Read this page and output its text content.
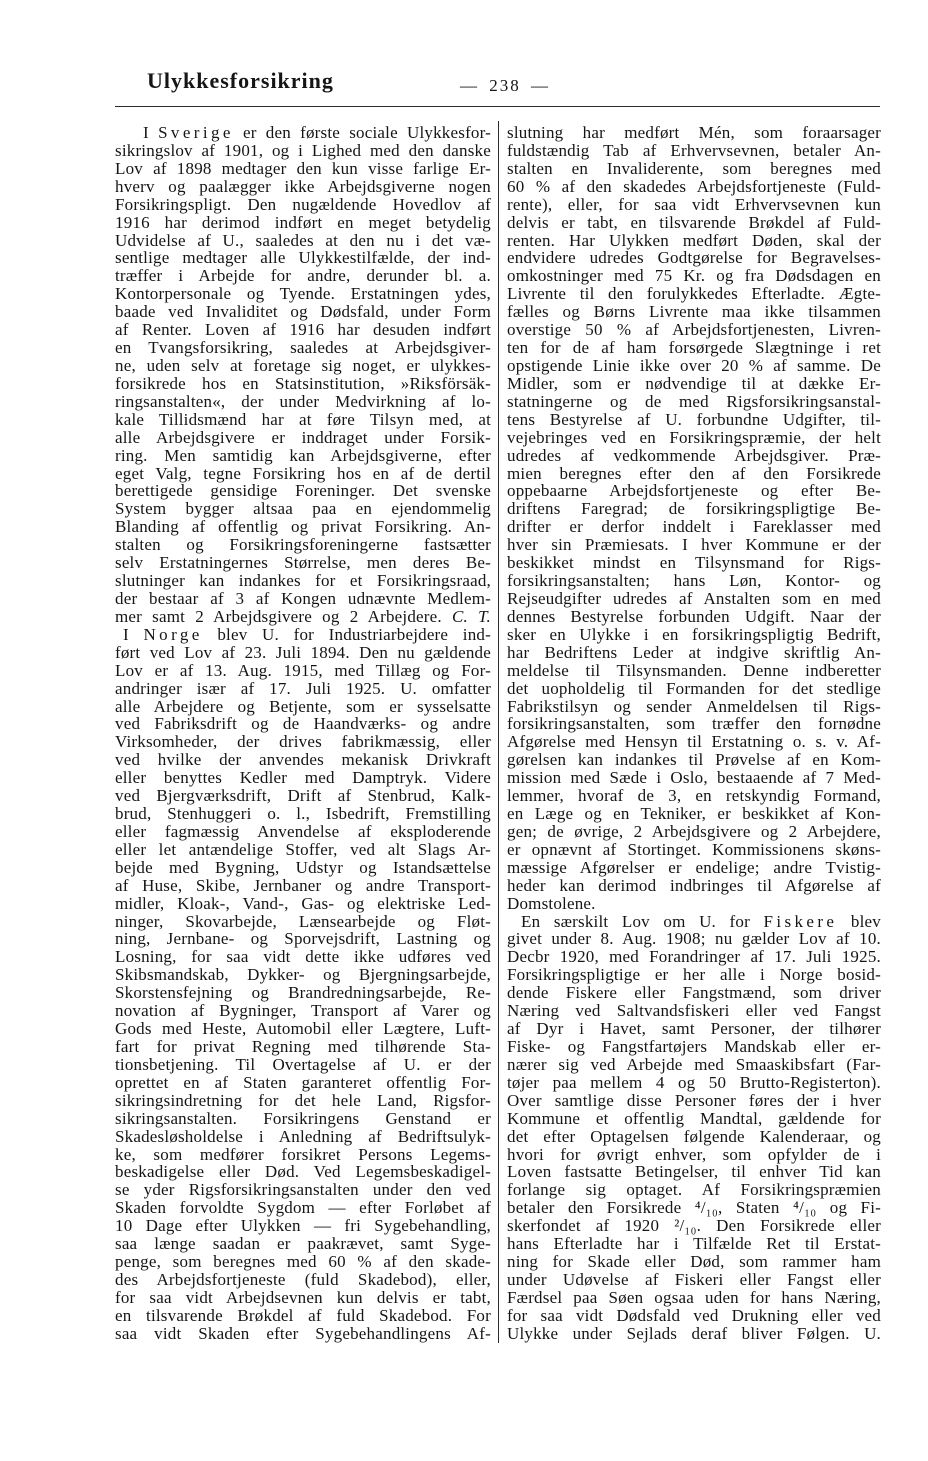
Ulykkesforsikring	— 238 —
I Sverige er den første sociale Ulykkesfor-
sikringslov af 1901, og i Lighed med den danske
Lov af 1898 medtager den kun visse farlige Er-
hverv og paalægger ikke Arbejdsgiverne nogen
Forsikringspligt. Den nugældende Hovedlov af
1916 har derimod indført en meget betydelig
Udvidelse af U., saaledes at den nu i det væ-
sentlige medtager alle Ulykkestilfælde, der ind-
træffer i Arbejde for andre, derunder bl. a.
Kontorpersonale og Tyende. Erstatningen ydes,
baade ved Invaliditet og Dødsfald, under Form
af Renter. Loven af 1916 har desuden indført
en Tvangsforsikring, saaledes at Arbejdsgiver-
ne, uden selv at foretage sig noget, er ulykkes-
forsikrede hos en Statsinstitution, »Riksförsäk-
ringsanstalten«, der under Medvirkning af lo-
kale Tillidsmænd har at føre Tilsyn med, at
alle Arbejdsgivere er inddraget under Forsik-
ring. Men samtidig kan Arbejdsgiverne, efter
eget Valg, tegne Forsikring hos en af de dertil
berettigede gensidige Foreninger. Det svenske
System bygger altsaa paa en ejendommelig
Blanding af offentlig og privat Forsikring. An-
stalten og Forsikringsforeningerne fastsætter
selv Erstatningernes Størrelse, men deres Be-
slutninger kan indankes for et Forsikringsraad,
der bestaar af 3 af Kongen udnævnte Medlem-
mer samt 2 Arbejdsgivere og 2 Arbejdere. C. T.
I Norge blev U. for Industriarbejdere ind-
ført ved Lov af 23. Juli 1894. Den nu gældende
Lov er af 13. Aug. 1915, med Tillæg og For-
andringer især af 17. Juli 1925. U. omfatter
alle Arbejdere og Betjente, som er sysselsatte
ved Fabriksdrift og de Haandværks- og andre
Virksomheder, der drives fabrikmæssig, eller
ved hvilke der anvendes mekanisk Drivkraft
eller benyttes Kedler med Damptryk. Videre
ved Bjergværksdrift, Drift af Stenbrud, Kalk-
brud, Stenhuggeri o. l., Isbedrift, Fremstilling
eller fagmæssig Anvendelse af eksploderende
eller let antændelige Stoffer, ved alt Slags Ar-
bejde med Bygning, Udstyr og Istandsættelse
af Huse, Skibe, Jernbaner og andre Transport-
midler, Kloak-, Vand-, Gas- og elektriske Led-
ninger, Skovarbejde, Lænsearbejde og Fløt-
ning, Jernbane- og Sporvejsdrift, Lastning og
Losning, for saa vidt dette ikke udføres ved
Skibsmandskab, Dykker- og Bjergningsarbejde,
Skorstensfejning og Brandredningsarbejde, Re-
novation af Bygninger, Transport af Varer og
Gods med Heste, Automobil eller Lægtere, Luft-
fart for privat Regning med tilhørende Sta-
tionsbetjening. Til Overtagelse af U. er der
oprettet en af Staten garanteret offentlig For-
sikringsindretning for det hele Land, Rigsfor-
sikringsanstalten. Forsikringens Genstand er
Skadesløsholdelse i Anledning af Bedriftsulyk-
ke, som medfører forsikret Persons Legems-
beskadigelse eller Død. Ved Legemsbeskadigel-
se yder Rigsforsikringsanstalten under den ved
Skaden forvoldte Sygdom — efter Forløbet af
10 Dage efter Ulykken — fri Sygebehandling,
saa længe saadan er paakrævet, samt Syge-
penge, som beregnes med 60 % af den skade-
des Arbejdsfortjeneste (fuld Skadebod), eller,
for saa vidt Arbejdsevnen kun delvis er tabt,
en tilsvarende Brøkdel af fuld Skadebod. For
saa vidt Skaden efter Sygebehandlingens Af-
slutning har medført Mén, som foraarsager
fuldstændig Tab af Erhvervsevnen, betaler An-
stalten en Invaliderente, som beregnes med
60 % af den skadedes Arbejdsfortjeneste (Fuld-
rente), eller, for saa vidt Erhvervsevnen kun
delvis er tabt, en tilsvarende Brøkdel af Fuld-
renten. Har Ulykken medført Døden, skal der
endvidere udredes Godtgørelse for Begravelses-
omkostninger med 75 Kr. og fra Dødsdagen en
Livrente til den forulykkedes Efterladte. Ægte-
fælles og Børns Livrente maa ikke tilsammen
overstige 50 % af Arbejdsfortjenesten, Livren-
ten for de af ham forsørgede Slægtninge i ret
opstigende Linie ikke over 20 % af samme. De
Midler, som er nødvendige til at dække Er-
statningerne og de med Rigsforsikringsanstal-
tens Bestyrelse af U. forbundne Udgifter, til-
vejebringes ved en Forsikringspræmie, der helt
udredes af vedkommende Arbejdsgiver. Præ-
mien beregnes efter den af den Forsikrede
oppebaarne Arbejdsfortjeneste og efter Be-
driftens Faregrad; de forsikringspligtige Be-
drifter er derfor inddelt i Fareklasser med
hver sin Præmiesats. I hver Kommune er der
beskikket mindst en Tilsynsmand for Rigs-
forsikringsanstalten; hans Løn, Kontor- og
Rejseudgifter udredes af Anstalten som en med
dennes Bestyrelse forbunden Udgift. Naar der
sker en Ulykke i en forsikringspligtig Bedrift,
har Bedriftens Leder at indgive skriftlig An-
meldelse til Tilsynsmanden. Denne indberetter
det uopholdelig til Formanden for det stedlige
Fabrikstilsyn og sender Anmeldelsen til Rigs-
forsikringsanstalten, som træffer den fornødne
Afgørelse med Hensyn til Erstatning o. s. v. Af-
gørelsen kan indankes til Prøvelse af en Kom-
mission med Sæde i Oslo, bestaaende af 7 Med-
lemmer, hvoraf de 3, en retskyndig Formand,
en Læge og en Tekniker, er beskikket af Kon-
gen; de øvrige, 2 Arbejdsgivere og 2 Arbejdere,
er opnævnt af Stortinget. Kommissionens skøns-
mæssige Afgørelser er endelige; andre Tvistig-
heder kan derimod indbringes til Afgørelse af
Domstolene.
En særskilt Lov om U. for Fiskere blev
givet under 8. Aug. 1908; nu gælder Lov af 10.
Decbr 1920, med Forandringer af 17. Juli 1925.
Forsikringspligtige er her alle i Norge bosid-
dende Fiskere eller Fangstmænd, som driver
Næring ved Saltvandsfiskeri eller ved Fangst
af Dyr i Havet, samt Personer, der tilhører
Fiske- og Fangstfartøjers Mandskab eller er-
nærer sig ved Arbejde med Smaaskibsfart (Far-
tøjer paa mellem 4 og 50 Brutto-Registerton).
Over samtlige disse Personer føres der i hver
Kommune et offentlig Mandtal, gældende for
det efter Optagelsen følgende Kalenderaar, og
hvori for øvrigt enhver, som opfylder de i
Loven fastsatte Betingelser, til enhver Tid kan
forlange sig optaget. Af Forsikringspræmien
betaler den Forsikrede ⁴/₁₀, Staten ⁴/₁₀ og Fi-
skerfondet af 1920 ²/₁₀. Den Forsikrede eller
hans Efterladte har i Tilfælde Ret til Erstat-
ning for Skade eller Død, som rammer ham
under Udøvelse af Fiskeri eller Fangst eller
Færdsel paa Søen ogsaa uden for hans Næring,
for saa vidt Dødsfald ved Drukning eller ved
Ulykke under Sejlads deraf bliver Følgen. U.
